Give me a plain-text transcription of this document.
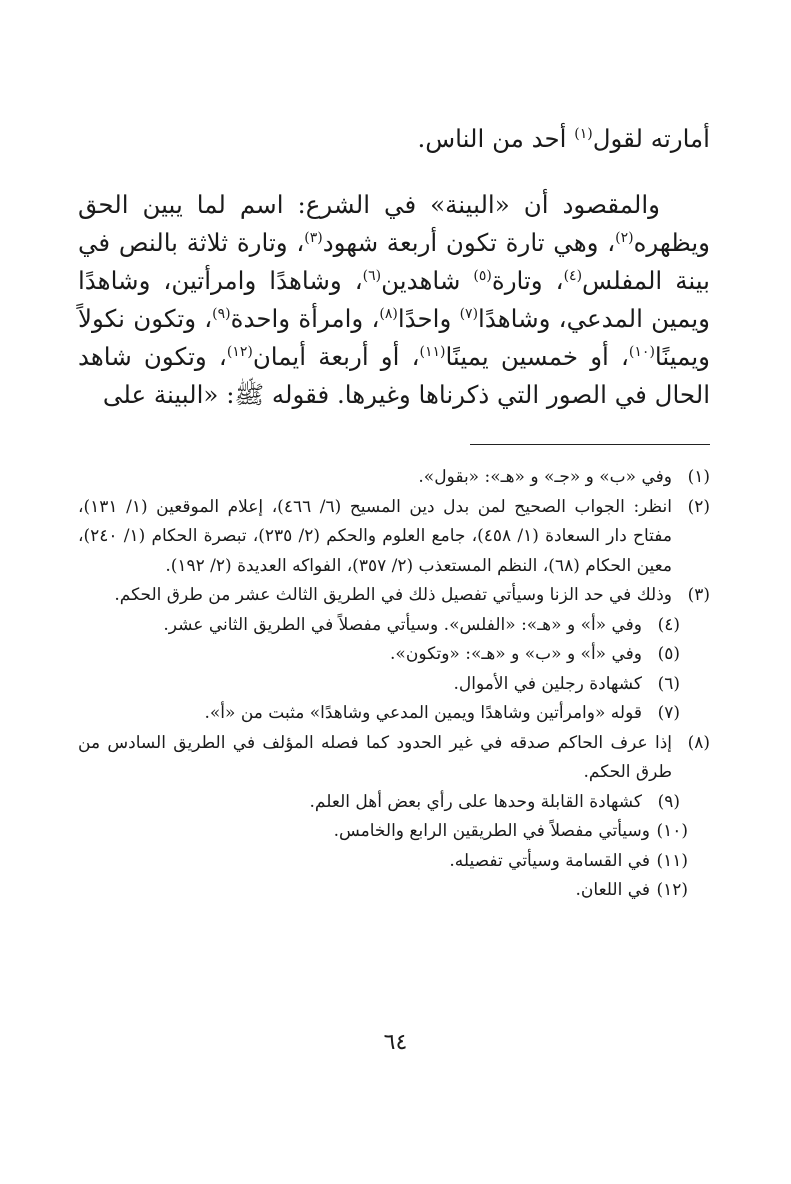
أمارته لقول$^{(١)}$ أحد من الناس.

والمقصود أن «البينة» في الشرع: اسم لما يبين الحق ويظهره$^{(٢)}$، وهي تارة تكون أربعة شهود$^{(٣)}$، وتارة ثلاثة بالنص في بينة المفلس$^{(٤)}$، وتارة$^{(٥)}$ شاهدين$^{(٦)}$، وشاهدًا وامرأتين، وشاهدًا ويمين المدعي، وشاهدًا$^{(٧)}$ واحدًا$^{(٨)}$، وامرأة واحدة$^{(٩)}$، وتكون نكولاً ويمينًا$^{(١٠)}$، أو خمسين يمينًا$^{(١١)}$، أو أربعة أيمان$^{(١٢)}$، وتكون شاهد الحال في الصور التي ذكرناها وغيرها. فقوله ﷺ: «البينة على

(١)
وفي «ب» و «جـ» و «هـ»: «بقول».
(٢)
انظر: الجواب الصحيح لمن بدل دين المسيح (٦/ ٤٦٦)، إعلام الموقعين (١/ ١٣١)، مفتاح دار السعادة (١/ ٤٥٨)، جامع العلوم والحكم (٢/ ٢٣٥)، تبصرة الحكام (١/ ٢٤٠)، معين الحكام (٦٨)، النظم المستعذب (٢/ ٣٥٧)، الفواكه العديدة (٢/ ١٩٢).
(٣)
وذلك في حد الزنا وسيأتي تفصيل ذلك في الطريق الثالث عشر من طرق الحكم.
(٤)
وفي «أ» و «هـ»: «الفلس». وسيأتي مفصلاً في الطريق الثاني عشر.
(٥)
وفي «أ» و «ب» و «هـ»: «وتكون».
(٦)
كشهادة رجلين في الأموال.
(٧)
قوله «وامرأتين وشاهدًا ويمين المدعي وشاهدًا» مثبت من «أ».
(٨)
إذا عرف الحاكم صدقه في غير الحدود كما فصله المؤلف في الطريق السادس من طرق الحكم.
(٩)
كشهادة القابلة وحدها على رأي بعض أهل العلم.
(١٠)
وسيأتي مفصلاً في الطريقين الرابع والخامس.
(١١)
في القسامة وسيأتي تفصيله.
(١٢)
في اللعان.
٦٤
